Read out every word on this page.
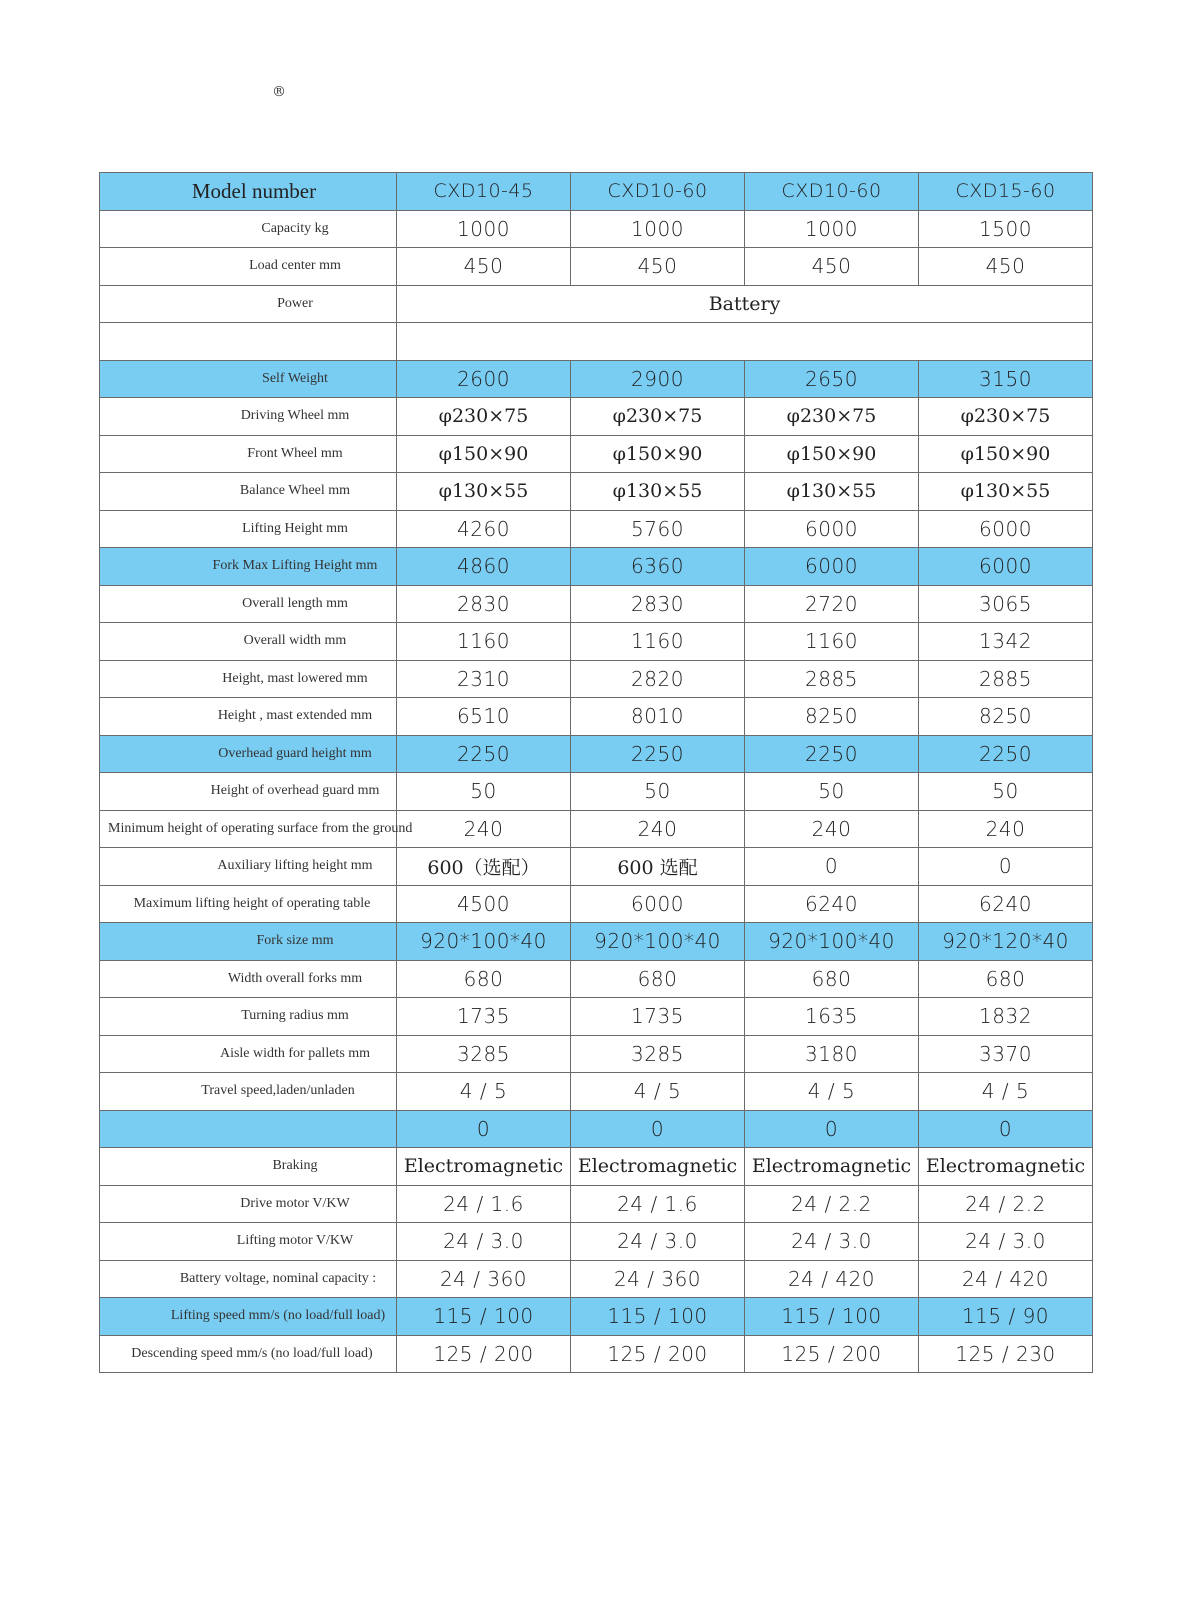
®
Model number	CXD10-45	CXD10-60	CXD10-60	CXD15-60
Capacity kg	1000	1000	1000	1500
Load center mm	450	450	450	450
Power	Battery			

Self Weight	2600	2900	2650	3150
Driving Wheel mm	φ230×75	φ230×75	φ230×75	φ230×75
Front Wheel mm	φ150×90	φ150×90	φ150×90	φ150×90
Balance Wheel mm	φ130×55	φ130×55	φ130×55	φ130×55
Lifting Height mm	4260	5760	6000	6000
Fork Max Lifting Height mm	4860	6360	6000	6000
Overall length mm	2830	2830	2720	3065
Overall width mm	1160	1160	1160	1342
Height, mast lowered mm	2310	2820	2885	2885
Height , mast extended mm	6510	8010	8250	8250
Overhead guard height mm	2250	2250	2250	2250
Height of overhead guard mm	50	50	50	50
Minimum height of operating surface from the ground	240	240	240	240
Auxiliary lifting height mm	600（选配）	600 选配	0	0
Maximum lifting height of operating table	4500	6000	6240	6240
Fork size mm	920*100*40	920*100*40	920*100*40	920*120*40
Width overall forks mm	680	680	680	680
Turning radius mm	1735	1735	1635	1832
Aisle width for pallets mm	3285	3285	3180	3370
Travel speed,laden/unladen	4 / 5	4 / 5	4 / 5	4 / 5
	0	0	0	0
Braking	Electromagnetic	Electromagnetic	Electromagnetic	Electromagnetic
Drive motor V/KW	24 / 1.6	24 / 1.6	24 / 2.2	24 / 2.2
Lifting motor V/KW	24 / 3.0	24 / 3.0	24 / 3.0	24 / 3.0
Battery voltage, nominal capacity :	24 / 360	24 / 360	24 / 420	24 / 420
Lifting speed mm/s (no load/full load)	115 / 100	115 / 100	115 / 100	115 / 90
Descending speed mm/s (no load/full load)	125 / 200	125 / 200	125 / 200	125 / 230
